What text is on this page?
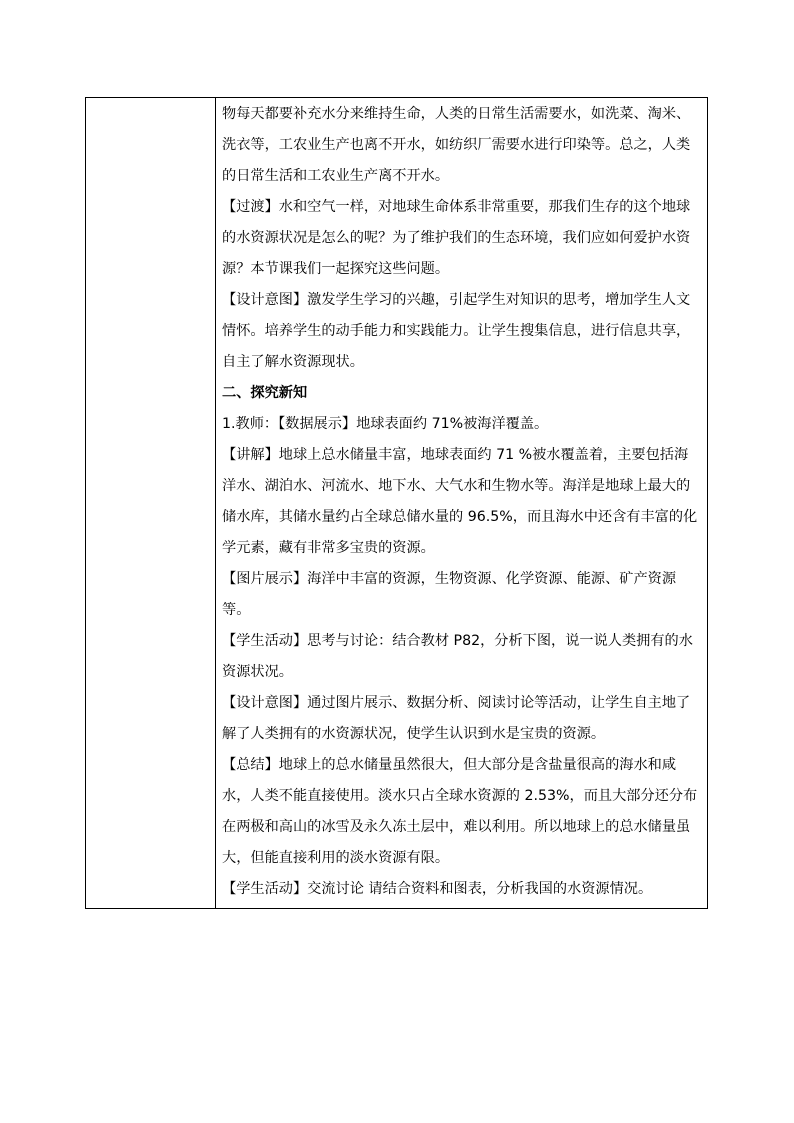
物每天都要补充水分来维持生命，人类的日常生活需要水，如洗菜、淘米、洗衣等，工农业生产也离不开水，如纺织厂需要水进行印染等。总之，人类的日常生活和工农业生产离不开水。

【过渡】水和空气一样，对地球生命体系非常重要，那我们生存的这个地球的水资源状况是怎么的呢？为了维护我们的生态环境，我们应如何爱护水资源？本节课我们一起探究这些问题。

【设计意图】激发学生学习的兴趣，引起学生对知识的思考，增加学生人文情怀。培养学生的动手能力和实践能力。让学生搜集信息，进行信息共享，自主了解水资源现状。

二、探究新知

1.教师：【数据展示】地球表面约 71%被海洋覆盖。

【讲解】地球上总水储量丰富，地球表面约 71 %被水覆盖着，主要包括海洋水、湖泊水、河流水、地下水、大气水和生物水等。海洋是地球上最大的储水库，其储水量约占全球总储水量的 96.5%，而且海水中还含有丰富的化学元素，藏有非常多宝贵的资源。

【图片展示】海洋中丰富的资源，生物资源、化学资源、能源、矿产资源等。

【学生活动】思考与讨论：结合教材 P82，分析下图，说一说人类拥有的水资源状况。

【设计意图】通过图片展示、数据分析、阅读讨论等活动，让学生自主地了解了人类拥有的水资源状况，使学生认识到水是宝贵的资源。

【总结】地球上的总水储量虽然很大，但大部分是含盐量很高的海水和咸水，人类不能直接使用。淡水只占全球水资源的 2.53%，而且大部分还分布在两极和高山的冰雪及永久冻土层中，难以利用。所以地球上的总水储量虽大，但能直接利用的淡水资源有限。

【学生活动】交流讨论 请结合资料和图表，分析我国的水资源情况。
